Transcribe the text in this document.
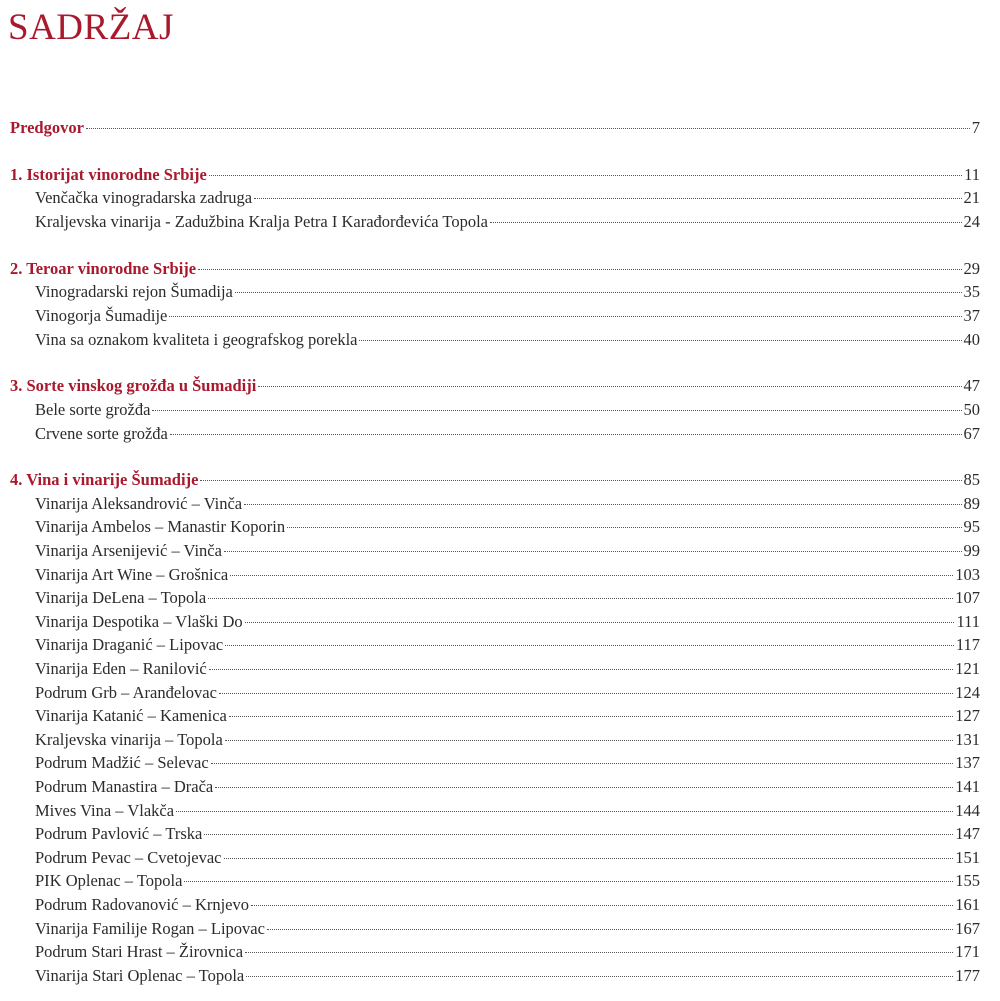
SADRŽAJ
Predgovor	7
1. Istorijat vinorodne Srbije	11
Venčačka vinogradarska zadruga	21
Kraljevska vinarija - Zadužbina Kralja Petra I Karađorđevića Topola	24
2. Teroar vinorodne Srbije	29
Vinogradarski rejon Šumadija	35
Vinogorja Šumadije	37
Vina sa oznakom kvaliteta i geografskog porekla	40
3. Sorte vinskog grožđa u Šumadiji	47
Bele sorte grožđa	50
Crvene sorte grožđa	67
4. Vina i vinarije Šumadije	85
Vinarija Aleksandrović – Vinča	89
Vinarija Ambelos – Manastir Koporin	95
Vinarija Arsenijević – Vinča	99
Vinarija Art Wine – Grošnica	103
Vinarija DeLena – Topola	107
Vinarija Despotika – Vlaški Do	111
Vinarija Draganić – Lipovac	117
Vinarija Eden – Ranilović	121
Podrum Grb – Aranđelovac	124
Vinarija Katanić – Kamenica	127
Kraljevska vinarija – Topola	131
Podrum Madžić – Selevac	137
Podrum Manastira – Drača	141
Mives Vina – Vlakča	144
Podrum Pavlović – Trska	147
Podrum Pevac – Cvetojevac	151
PIK Oplenac – Topola	155
Podrum Radovanović – Krnjevo	161
Vinarija Familije Rogan – Lipovac	167
Podrum Stari Hrast – Žirovnica	171
Vinarija Stari Oplenac – Topola	177
